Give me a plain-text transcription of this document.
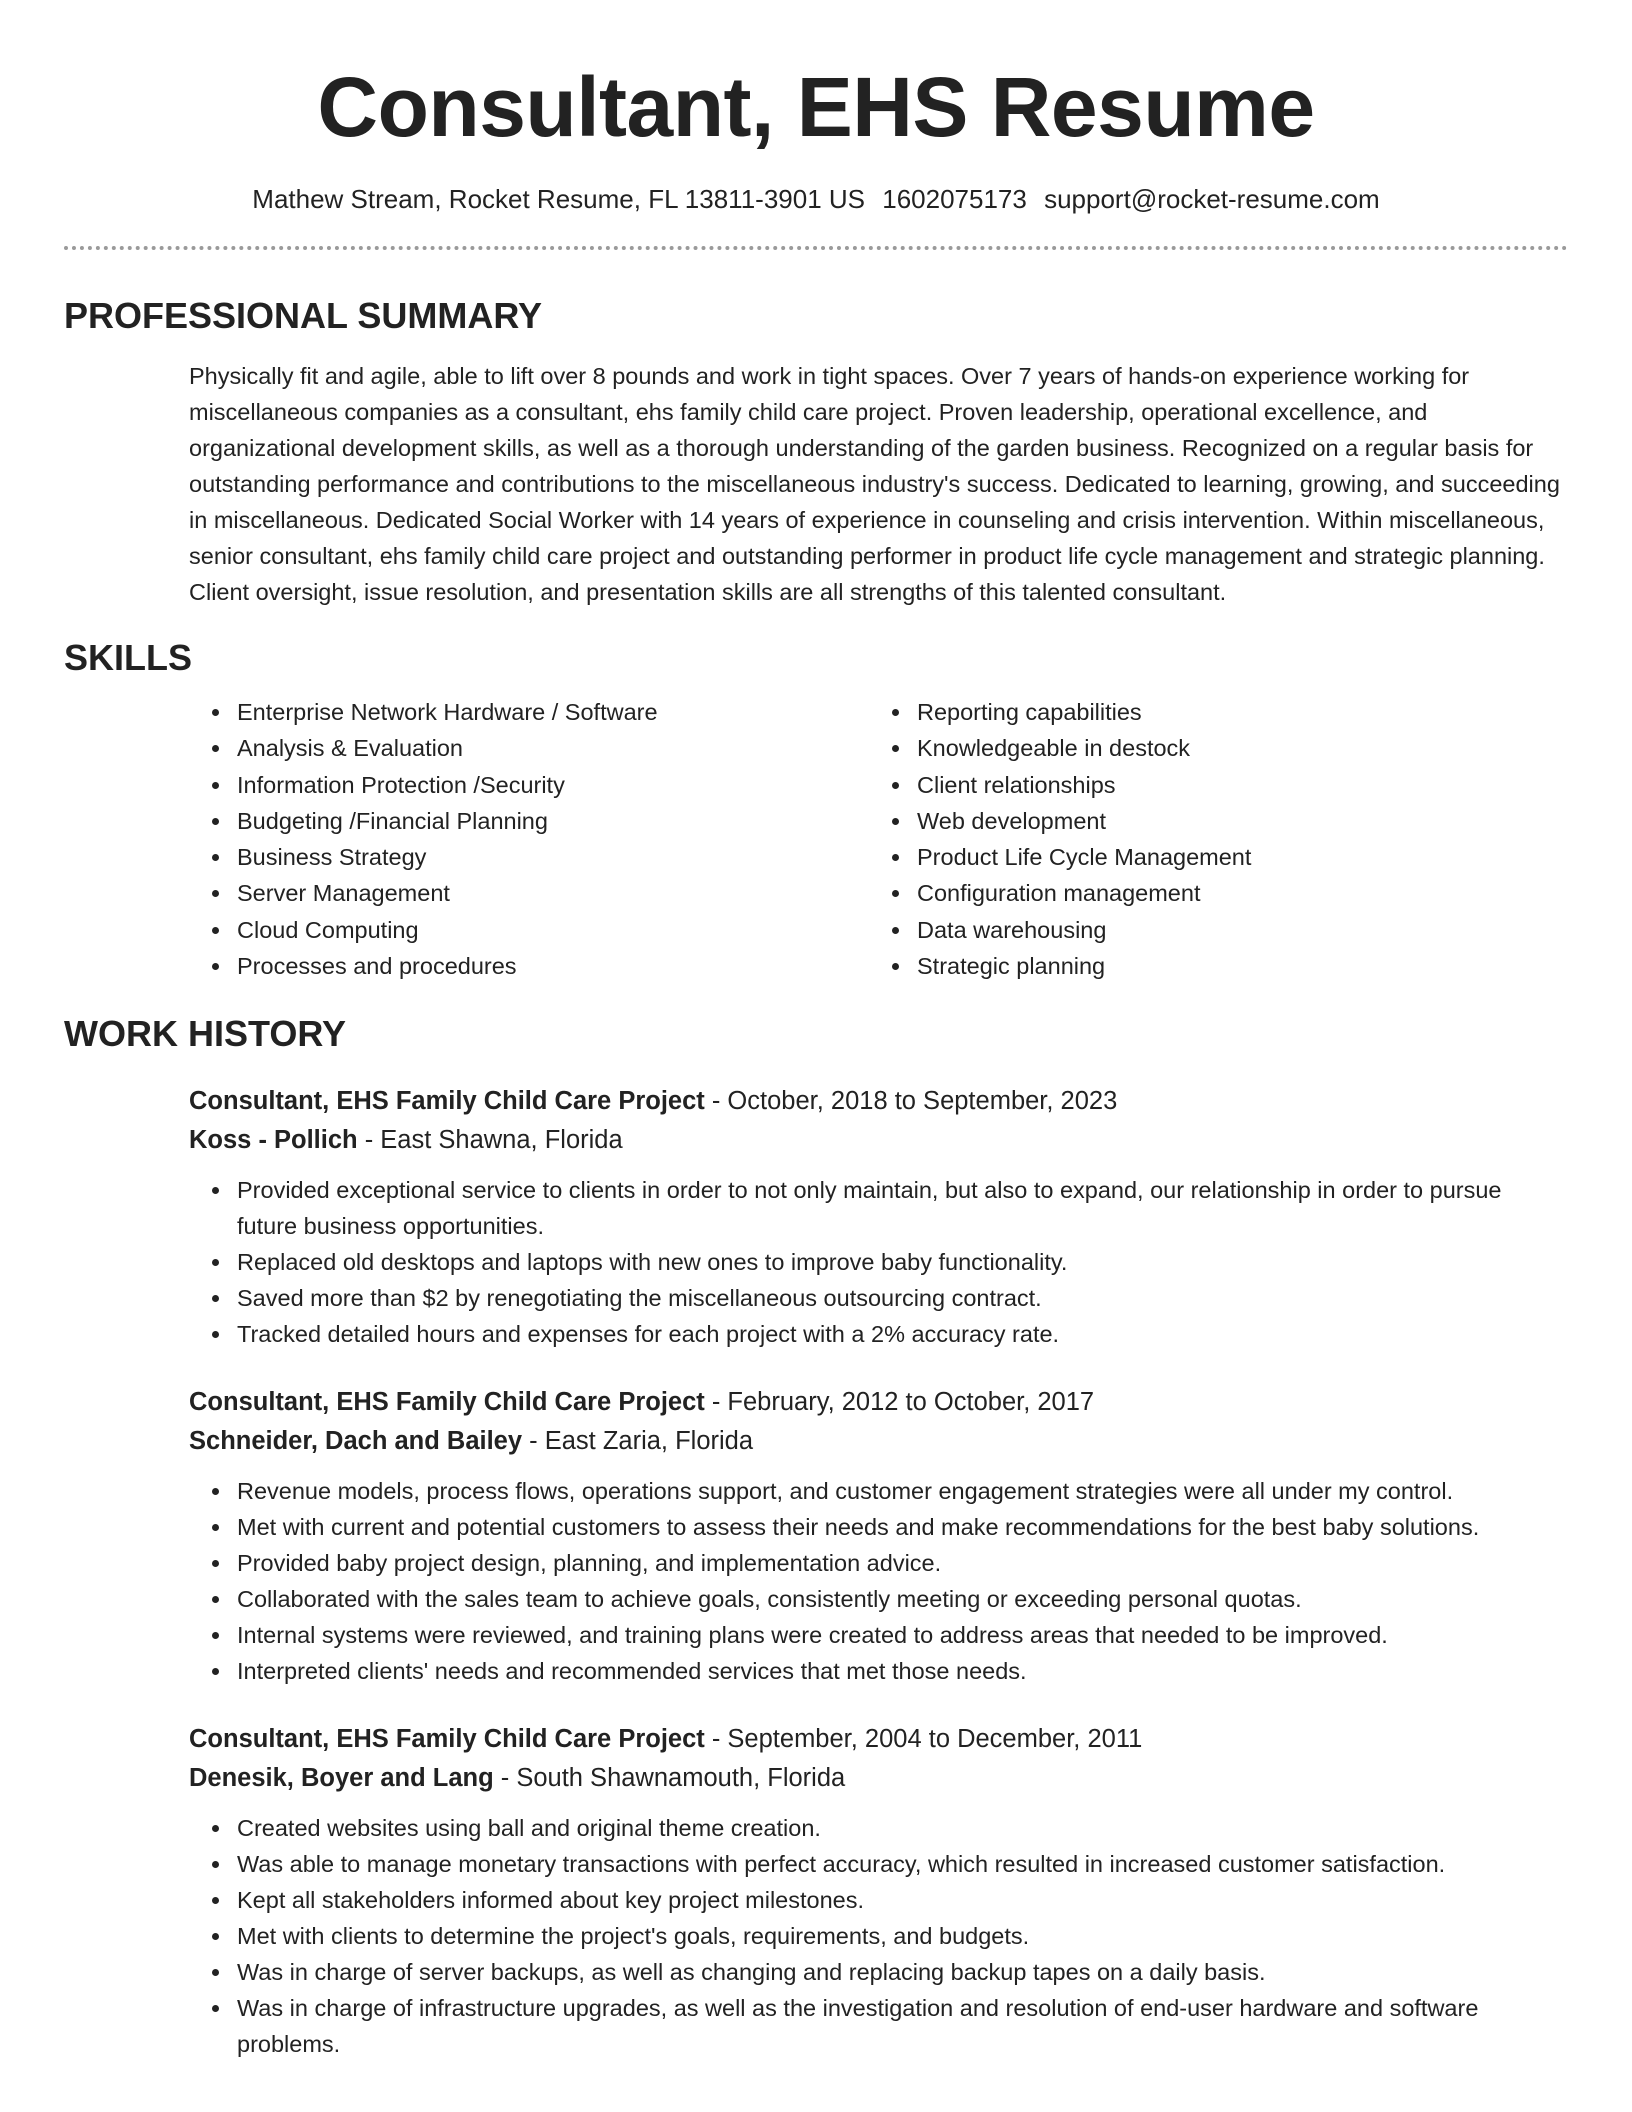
Consultant, EHS Resume
Mathew Stream, Rocket Resume, FL 13811-3901 US 1602075173 support@rocket-resume.com
PROFESSIONAL SUMMARY
Physically fit and agile, able to lift over 8 pounds and work in tight spaces. Over 7 years of hands-on experience working for miscellaneous companies as a consultant, ehs family child care project. Proven leadership, operational excellence, and organizational development skills, as well as a thorough understanding of the garden business. Recognized on a regular basis for outstanding performance and contributions to the miscellaneous industry's success. Dedicated to learning, growing, and succeeding in miscellaneous. Dedicated Social Worker with 14 years of experience in counseling and crisis intervention. Within miscellaneous, senior consultant, ehs family child care project and outstanding performer in product life cycle management and strategic planning. Client oversight, issue resolution, and presentation skills are all strengths of this talented consultant.
SKILLS
• Enterprise Network Hardware / Software
• Analysis & Evaluation
• Information Protection /Security
• Budgeting /Financial Planning
• Business Strategy
• Server Management
• Cloud Computing
• Processes and procedures
• Reporting capabilities
• Knowledgeable in destock
• Client relationships
• Web development
• Product Life Cycle Management
• Configuration management
• Data warehousing
• Strategic planning
WORK HISTORY
Consultant, EHS Family Child Care Project - October, 2018 to September, 2023
Koss - Pollich - East Shawna, Florida
• Provided exceptional service to clients in order to not only maintain, but also to expand, our relationship in order to pursue future business opportunities.
• Replaced old desktops and laptops with new ones to improve baby functionality.
• Saved more than $2 by renegotiating the miscellaneous outsourcing contract.
• Tracked detailed hours and expenses for each project with a 2% accuracy rate.
Consultant, EHS Family Child Care Project - February, 2012 to October, 2017
Schneider, Dach and Bailey - East Zaria, Florida
• Revenue models, process flows, operations support, and customer engagement strategies were all under my control.
• Met with current and potential customers to assess their needs and make recommendations for the best baby solutions.
• Provided baby project design, planning, and implementation advice.
• Collaborated with the sales team to achieve goals, consistently meeting or exceeding personal quotas.
• Internal systems were reviewed, and training plans were created to address areas that needed to be improved.
• Interpreted clients' needs and recommended services that met those needs.
Consultant, EHS Family Child Care Project - September, 2004 to December, 2011
Denesik, Boyer and Lang - South Shawnamouth, Florida
• Created websites using ball and original theme creation.
• Was able to manage monetary transactions with perfect accuracy, which resulted in increased customer satisfaction.
• Kept all stakeholders informed about key project milestones.
• Met with clients to determine the project's goals, requirements, and budgets.
• Was in charge of server backups, as well as changing and replacing backup tapes on a daily basis.
• Was in charge of infrastructure upgrades, as well as the investigation and resolution of end-user hardware and software problems.
